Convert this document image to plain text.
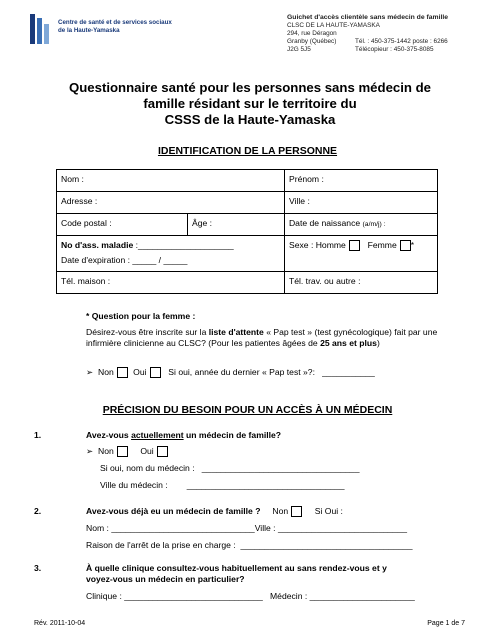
Centre de santé et de services sociaux
de la Haute-Yamaska
Guichet d'accès clientèle sans médecin de famille
CLSC DE LA HAUTE-YAMASKA
294, rue Déragon
Granby (Québec)	Tél. : 450-375-1442 poste : 6266
J2G 5J5	Télécopieur : 450-375-8085
Questionnaire santé pour les personnes sans médecin de
famille résidant sur le territoire du
CSSS de la Haute-Yamaska
IDENTIFICATION DE LA PERSONNE
Nom :		Prénom :
Adresse :		Ville :
Code postal :	Âge :	Date de naissance (a/m/j) :

No d'ass. maladie :____________________
Date d'expiration : _____ / _____		Sexe : Homme Femme *
Tél. maison :		Tél. trav. ou autre :
* Question pour la femme :
Désirez-vous être inscrite sur la liste d'attente « Pap test » (test gynécologique) fait par une infirmière clinicienne au CLSC? (Pour les patientes âgées de 25 ans et plus)
➢ Non Oui	Si oui, année du dernier « Pap test »?: ___________
PRÉCISION DU BESOIN POUR UN ACCÈS À UN MÉDECIN
1.	Avez-vous actuellement un médecin de famille?
➢ Non	Oui
Si oui, nom du médecin : _________________________________
Ville du médecin : _________________________________
2.	Avez-vous déjà eu un médecin de famille ? Non	Si Oui :
Nom : ______________________________Ville : ___________________________
Raison de l'arrêt de la prise en charge : ____________________________________
3.	À quelle clinique consultez-vous habituellement au sans rendez-vous et y
voyez-vous un médecin en particulier?
Clinique : _____________________________ Médecin : ______________________
Rév. 2011-10-04	Page 1 de 7
